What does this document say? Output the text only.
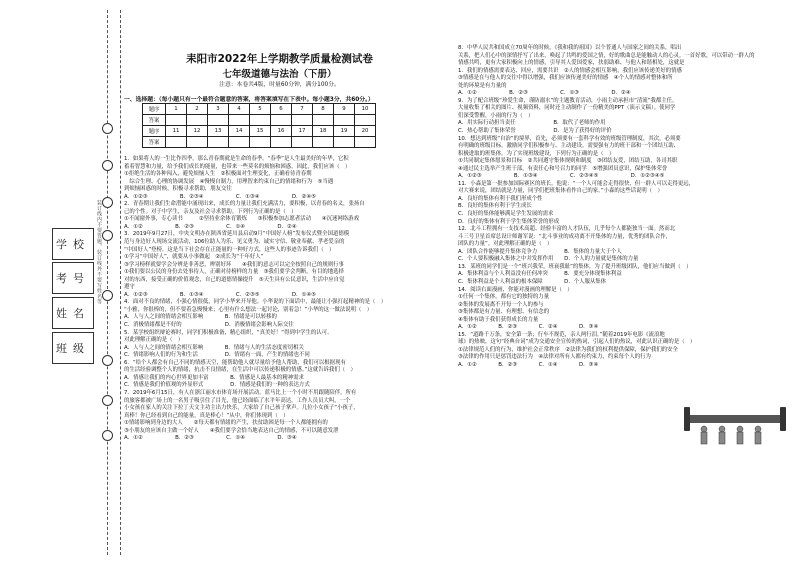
学校
考号
姓名
班级
装订线内不要答题，装订线外不要写姓名等
耒阳市2022年上学期教学质量检测试卷
七年级道德与法治（下册）
注意：本卷共4版，时量60分钟，满分100分。
一、选择题：（每小题只有一个最符合题意的答案，将答案填写在下表中。每小题3分，共60分。）
题序	1	2	3	4	5	6	7	8	9	10
答案										
题序	11	12	13	14	15	16	17	18	19	20
答案										

1．如果将人的一生比作四季，那么青春期就是生命的春季。“春季”是人生最美好的年华，它积

蓄着智慧和力量，给予我们成长的能量，也带来一些莫名的烦恼和困惑。因此，我们应该（　）

①拒绝生活的各种闯入，避免烦恼人生　②积极面对生理变化，正确看待青春期

　综合生理、心理的协调发展　④慢慢自制力，用理智来约束自己的情绪和行为　⑤当遇

到烦恼困惑的时候，积极寻求帮助，朋友交往

A．①②③　　　　　　B．②③④　　　　　　C．①③④　　　　　　D．②④⑤

2．青春期让我们生命潜能中涌现出来，成长的力量让我们充满活力，要积极，以青春的名义，张扬自

己的个性。对于中学生，亲友及社会寻求帮助。下列行为正确的是（　）

①不闻窗外事，专心读书　　　②坚持业余体育锻炼　　③积极参加志愿者活动　　④沉迷网络游戏

A．①②　　　　　　B．②③　　　　　　C．①④　　　　　　D．②④

3．2019年9月27日，中央文明办在陕西省延川县启动9月“中国好人榜”发布仪式暨全国道德模

范与身边好人现场交流活动，106位助人为乐、见义勇为、诚实守信、敬业奉献、孝老爱亲的

“中国好人”登榜。这是当下社会存在正能量的一种好方式，这些人的事迹告诉我们（　）

①学习“中国好人”，就要从小事做起　②成长为“千年好人”

③学习榜样就要学会分辨是非善恶，辨别好坏　　④我们的意志可以完全按照自己的规则行事

①我们要以公民的身份去处事待人，正确对待榜样的力量　③我们要学会判断，有目的地选择

对的东西，接受正确的价值观念，自己的道德情操提升　⑤天生具有公民意识，生活中应自觉

遵守

A．①②③　　　　　　B．①③④　　　　　　C．②③⑤　　　　　　D．①④⑤

4．面对不良的情绪，小强心情很低，同学小华来开导他。小华说的下面话中，最能让小强打起精神的是（　）

“小雅，你很棒的，但不要着急慢慢来；心里有什么想法一起讨论，别着急！”小华的这一做法说明（　）

A．人与人之间的情绪会相互影响　　　　B．情绪是可以转移的

C．消极情绪都是不好的　　　　　　　　D．消极情绪会影响人际交往

5．某学校组织辩论赛时，同学们积极准备，精心组织，“真美好！”得到中学生的认可。

对此理解正确的是（　）

A．人与人之间的情绪会相互影响　　　　B．情绪与人的生活态度密切相关

C．情绪影响人们的行为和生活　　　　　D．情绪有一面，产生的情绪也不同

6．“给个人都会有自己不同的情感天空，能帮助他人就尽量给予他人帮助，我们可以根据现有

的生活经验调整个人的情绪，抗击不良情绪，在生活中可以传递积极的情感。”这就告诉我们（　）

A．情感让我们的内心世界更加丰富　　　　B．情感是人最基本的精神需求

C．情感是我们价值观的外显形式　　　　　D．情感是我们的一种的表达方式

7．2019年6月15日，有人在浙江丽水市体育场开展活动。蓝马比上一个小时不用跟随陪伴，所有

的旅客都被广场上的一名男子吸引住了目光，他已经面临了水平年高达，工作人员员大叫，一个

小女孩在家人的关注下拉丁天文主功主出力快乐，大家给了自己孩子掌声。几位小女孩子“小孩子，

真棒！你已经看到自己的能量，真是棒心！”从中，你们体现到（　）

①情绪影响到身边的大人　　②每天都有情绪的产生，扶贫助困是每一个人都能拥有的

③小朋友的应该自主做一个好人　　④我们要学会恰当地表达自己的情感，不可以随意发泄

A．①②　　　　　　B．②③　　　　　　C．①④　　　　　　D．③④

8．中华人民共和国成立70周年的时候，《我和我的祖国》以个普通人与国家之间的关系，唱出

关系，把人们心中的深情抒写了出来，唤起了共鸣的爱国之情，好的歌曲总是能触动人的心灵。一首好歌，可以带动一群人的

情感共鸣，更有大家积极向上的情感，引导其人爱国爱家，扶弱助难、与他人和谐相处，这就是

1．我们的情感需要表达、回应，需要共识　②人的情感会相互影响，我们应该传递美好的情感

③情感是在与他人的交往中得以增强，我们应该传递美好的情感　④个人的情感对整体和所

处的环境是有力量的

A．①②　　　　　　B．②③　　　　　　C．①③　　　　　　D．②④

9．为了配合班级“珍爱生命，谨防溺水”的主题教育活动，小雨主动承担市“清流”我都主任。

大量收集了相关的图片、视频资料，同时还主动制作了一份精美的PPT（演示文稿）。使同学

们深受警醒，小雨的行为（　）

A．用实际行动担当责任　　　　　　　B．取代了老师的作用

C．热心帮助了集体荣誉　　　　　　　D．是为了获得好的评价

10．想达到班级“自治”的境界，首先，必须要有一套科学有效的班级管理制度，其次，必须要

有明确的班级目标，激励同学们积极参与、主动建设。需要强有力的班干部和一个团结互助、

积极进取的班集体。为了实现班级建设，下列行为正确的是（　）

①共同制定集体愿景和目标　②共同遵守集体规则和制度　③团结友爱，团结互助，各司其职

④通过民主选举产生班干部，有责任心和号召力的同学　⑤增强团员意识，保护集体荣誉

A．①②③　　　　　　B．①③④　　　　　　C．②③④⑤　　　　　　D．①②③④⑤

11．小森是第一批参加国际赛区的班长，他说：“一个人可能会走得很快，但一群人可以走得更远，

对大赛来说，团结就是力量，同学们把班集体看作自己的家。”小森的这些话说明（　）

A．良好的集体有利于我们形成个性

B．良好的集体有利于学生成长

C．良好的集体能够满足学生发展的需求

D．良好的集体有利于学生集体荣誉的形成

12．北斗工程拥有一支技术高超、经验丰富的人才队伍，几乎每个人都能独当一面。然而北

斗三号卫星首席总设计师谢军说：“北斗事业的成功离不开集体的力量，优秀的团队合作，

团队的力量”。对此理解正确的是（　）

A．团队合作能够提升集体竞争力　　　　　B．集体的力量大于个人

C．个人要积极融入集体之中并发挥作用　　D．个人的力量就是集体的力量

13．某班的同学们是一个“班兴我荣，班衰我耻”的集体，为了提升班级团队，他们应当做到（　）

A．集体利益与个人利益没有任何冲突　　　B．要充分体现集体利益

C．集体利益是个人利益的根本保障　　　　D．个人服从集体

14．阅读右面漫画，你能对漫画的理解是（　）

①任何一个集体，都有它的独特的力量

②集体的发展离不开每一个人的参与

③集体都是有力量、有理想、有信念的

④集体有助于我们获得成长的力量

A．①②　　　　B．②③　　　　C．②④　　　　D．③④

15．“道路千万条，安全第一条；行车不规范，亲人两行泪。”随着2019年电影《流浪地

球》的热映，这句“经典台词”成为交通安全宣传的热词，引起人们的热议，对此认识正确的是（　）

①法律规范人们的行为，维护社会正常秩序　②法律为我们的权利提供保障，保护我们的安全

③法律的作用只是惩罚违法行为　④法律对所有人都有约束力，约束每个人的行为

A．①②　　　　B．②③　　　　C．①④　　　　D．③④
